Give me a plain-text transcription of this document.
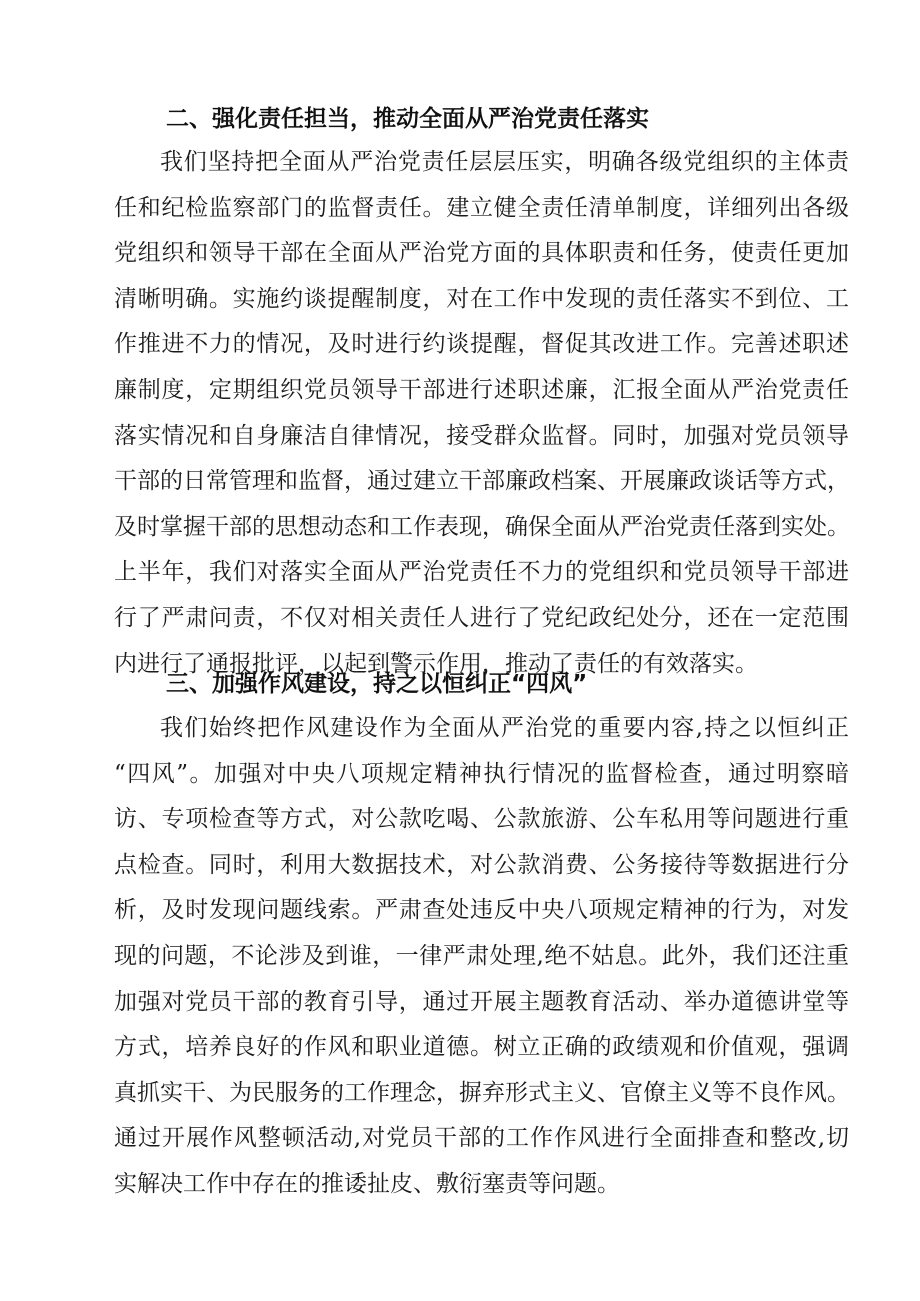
二、强化责任担当，推动全面从严治党责任落实
我们坚持把全面从严治党责任层层压实，明确各级党组织的主体责
任和纪检监察部门的监督责任。建立健全责任清单制度，详细列出各级
党组织和领导干部在全面从严治党方面的具体职责和任务，使责任更加
清晰明确。实施约谈提醒制度，对在工作中发现的责任落实不到位、工
作推进不力的情况，及时进行约谈提醒，督促其改进工作。完善述职述
廉制度，定期组织党员领导干部进行述职述廉，汇报全面从严治党责任
落实情况和自身廉洁自律情况，接受群众监督。同时，加强对党员领导
干部的日常管理和监督，通过建立干部廉政档案、开展廉政谈话等方式，
及时掌握干部的思想动态和工作表现，确保全面从严治党责任落到实处。
上半年，我们对落实全面从严治党责任不力的党组织和党员领导干部进
行了严肃问责，不仅对相关责任人进行了党纪政纪处分，还在一定范围
内进行了通报批评，以起到警示作用，推动了责任的有效落实。
三、加强作风建设，持之以恒纠正“四风”
我们始终把作风建设作为全面从严治党的重要内容,持之以恒纠正
“四风”。加强对中央八项规定精神执行情况的监督检查，通过明察暗
访、专项检查等方式，对公款吃喝、公款旅游、公车私用等问题进行重
点检查。同时，利用大数据技术，对公款消费、公务接待等数据进行分
析，及时发现问题线索。严肃查处违反中央八项规定精神的行为，对发
现的问题，不论涉及到谁，一律严肃处理,绝不姑息。此外，我们还注重
加强对党员干部的教育引导，通过开展主题教育活动、举办道德讲堂等
方式，培养良好的作风和职业道德。树立正确的政绩观和价值观，强调
真抓实干、为民服务的工作理念，摒弃形式主义、官僚主义等不良作风。
通过开展作风整顿活动,对党员干部的工作作风进行全面排查和整改,切
实解决工作中存在的推诿扯皮、敷衍塞责等问题。
